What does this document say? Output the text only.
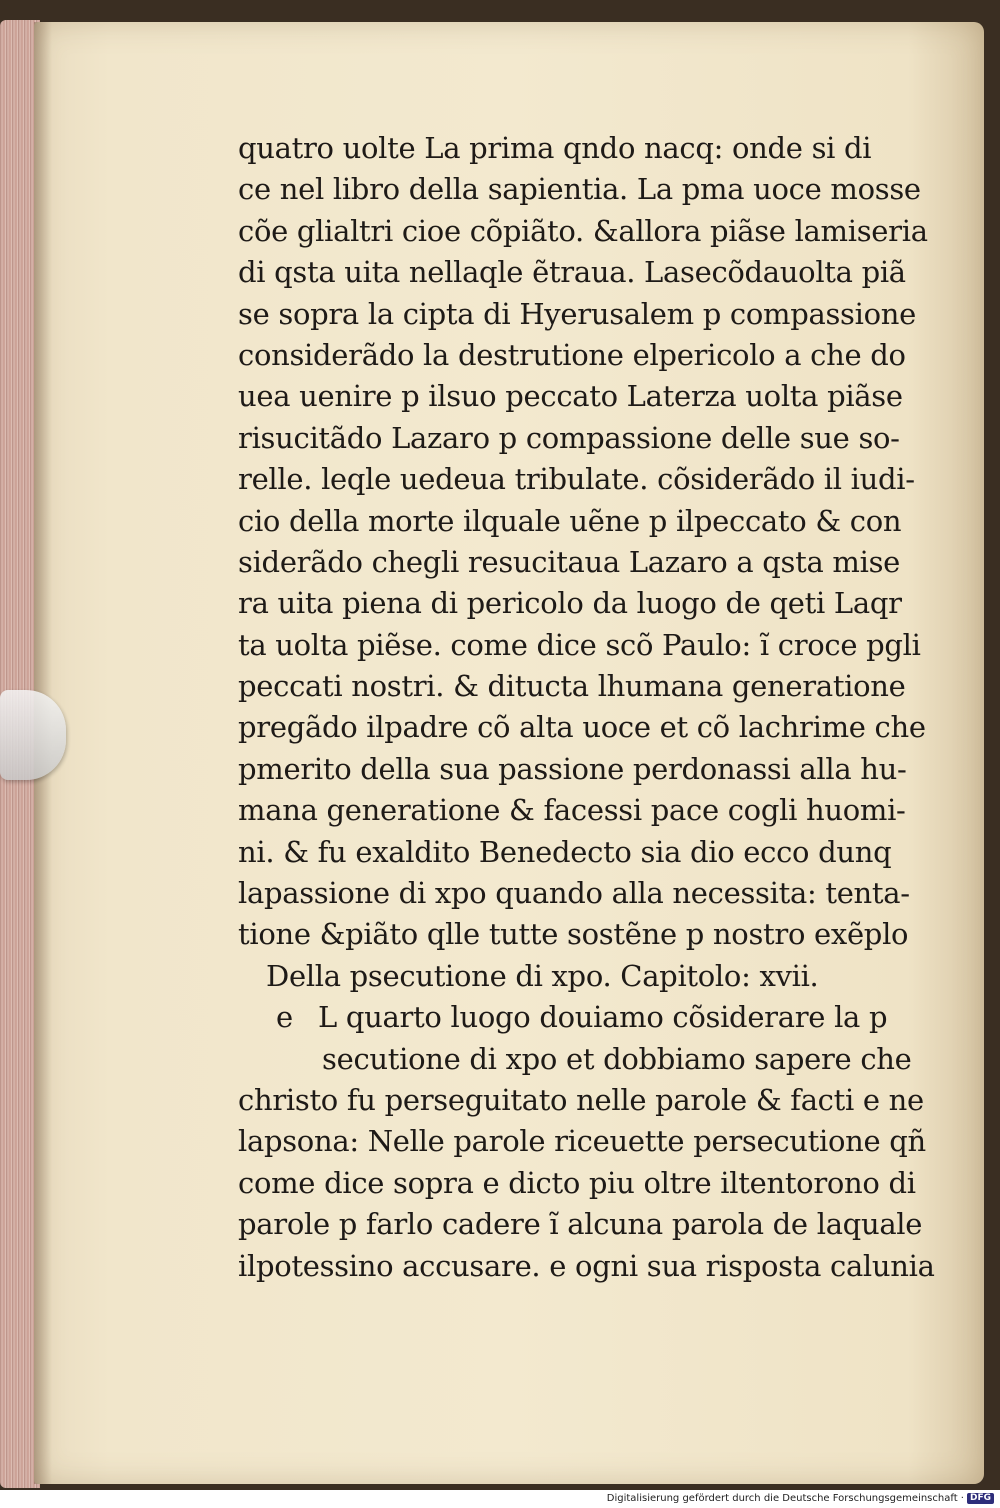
quatro uolte La prima qndo nacq: onde si di
ce nel libro della sapientia. La pma uoce mosse
cõe glialtri cioe cõpiãto. &allora piãse lamiseria
di qsta uita nellaqle ẽtraua. Lasecõdauolta piã
se sopra la cipta di Hyerusalem p compassione
considerãdo la destrutione elpericolo a che do
uea uenire p ilsuo peccato Laterza uolta piãse
risucitãdo Lazaro p compassione delle sue so-
relle. leqle uedeua tribulate. cõsiderãdo il iudi-
cio della morte ilquale uẽne p ilpeccato & con
siderãdo chegli resucitaua Lazaro a qsta mise
ra uita piena di pericolo da luogo de qeti Laqr
ta uolta piẽse. come dice scõ Paulo: ĩ croce pgli
peccati nostri. & ditucta lhumana generatione
pregãdo ilpadre cõ alta uoce et cõ lachrime che
pmerito della sua passione perdonassi alla hu-
mana generatione & facessi pace cogli huomi-
ni. & fu exaldito Benedecto sia dio ecco dunq
lapassione di xpo quando alla necessita: tenta-
tione &piãto qlle tutte sostẽne p nostro exẽplo
Della psecutione di xpo. Capitolo: xvii.
e L quarto luogo douiamo cõsiderare la p
secutione di xpo et dobbiamo sapere che
christo fu perseguitato nelle parole & facti e ne
lapsona: Nelle parole riceuette persecutione qñ
come dice sopra e dicto piu oltre iltentorono di
parole p farlo cadere ĩ alcuna parola de laquale
ilpotessino accusare. e ogni sua risposta calunia
Digitalisierung gefördert durch die Deutsche Forschungsgemeinschaft · DFG
